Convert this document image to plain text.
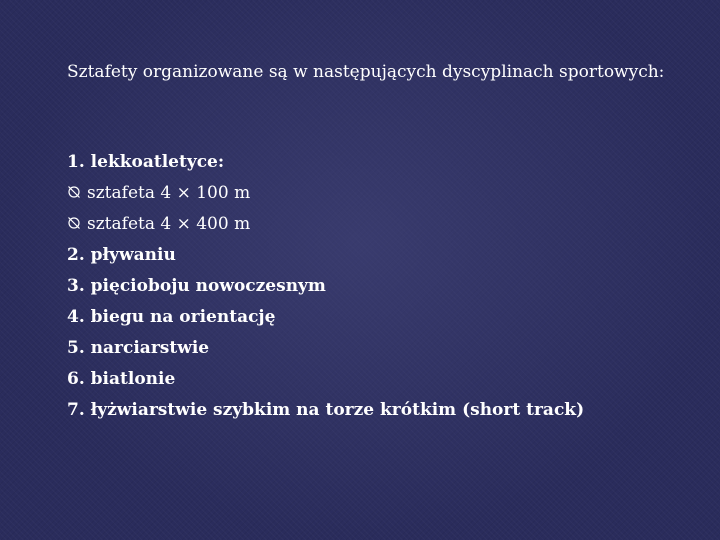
Sztafety organizowane są w następujących dyscyplinach sportowych:
1. lekkoatletyce:
sztafeta 4 × 100 m
sztafeta 4 × 400 m
2. pływaniu
3. pięcioboju nowoczesnym
4. biegu na orientację
5. narciarstwie
6. biatlonie
7. łyżwiarstwie szybkim na torze krótkim (short track)
